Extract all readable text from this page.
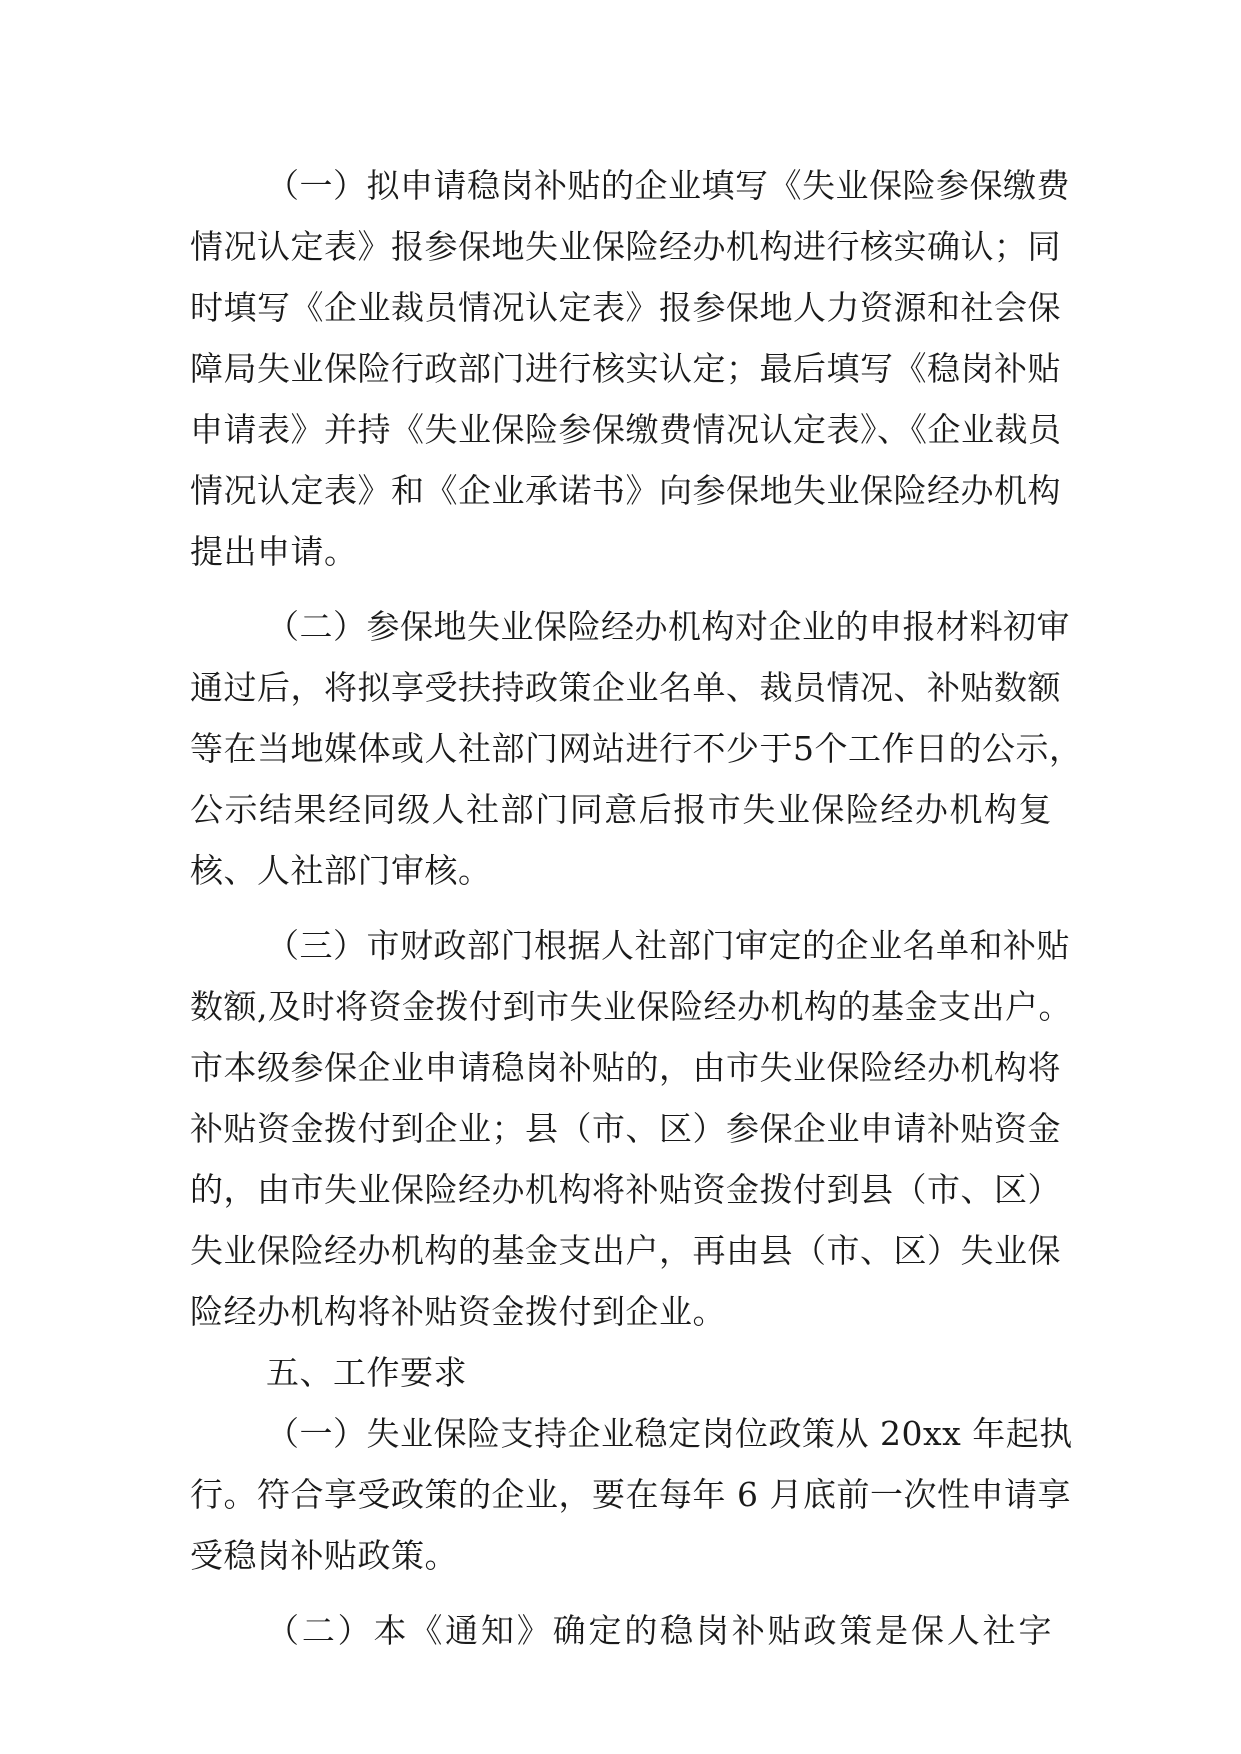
（一）拟申请稳岗补贴的企业填写《失业保险参保缴费
情况认定表》报参保地失业保险经办机构进行核实确认；同
时填写《企业裁员情况认定表》报参保地人力资源和社会保
障局失业保险行政部门进行核实认定；最后填写《稳岗补贴
申请表》并持《失业保险参保缴费情况认定表》、《企业裁员
情况认定表》和《企业承诺书》向参保地失业保险经办机构
提出申请。
（二）参保地失业保险经办机构对企业的申报材料初审
通过后，将拟享受扶持政策企业名单、裁员情况、补贴数额
等在当地媒体或人社部门网站进行不少于5个工作日的公示，
公示结果经同级人社部门同意后报市失业保险经办机构复
核、人社部门审核。
（三）市财政部门根据人社部门审定的企业名单和补贴
数额,及时将资金拨付到市失业保险经办机构的基金支出户。
市本级参保企业申请稳岗补贴的，由市失业保险经办机构将
补贴资金拨付到企业；县（市、区）参保企业申请补贴资金
的，由市失业保险经办机构将补贴资金拨付到县（市、区）
失业保险经办机构的基金支出户，再由县（市、区）失业保
险经办机构将补贴资金拨付到企业。
五、工作要求
（一）失业保险支持企业稳定岗位政策从 20xx 年起执
行。符合享受政策的企业，要在每年 6 月底前一次性申请享
受稳岗补贴政策。
（二）本《通知》确定的稳岗补贴政策是保人社字
